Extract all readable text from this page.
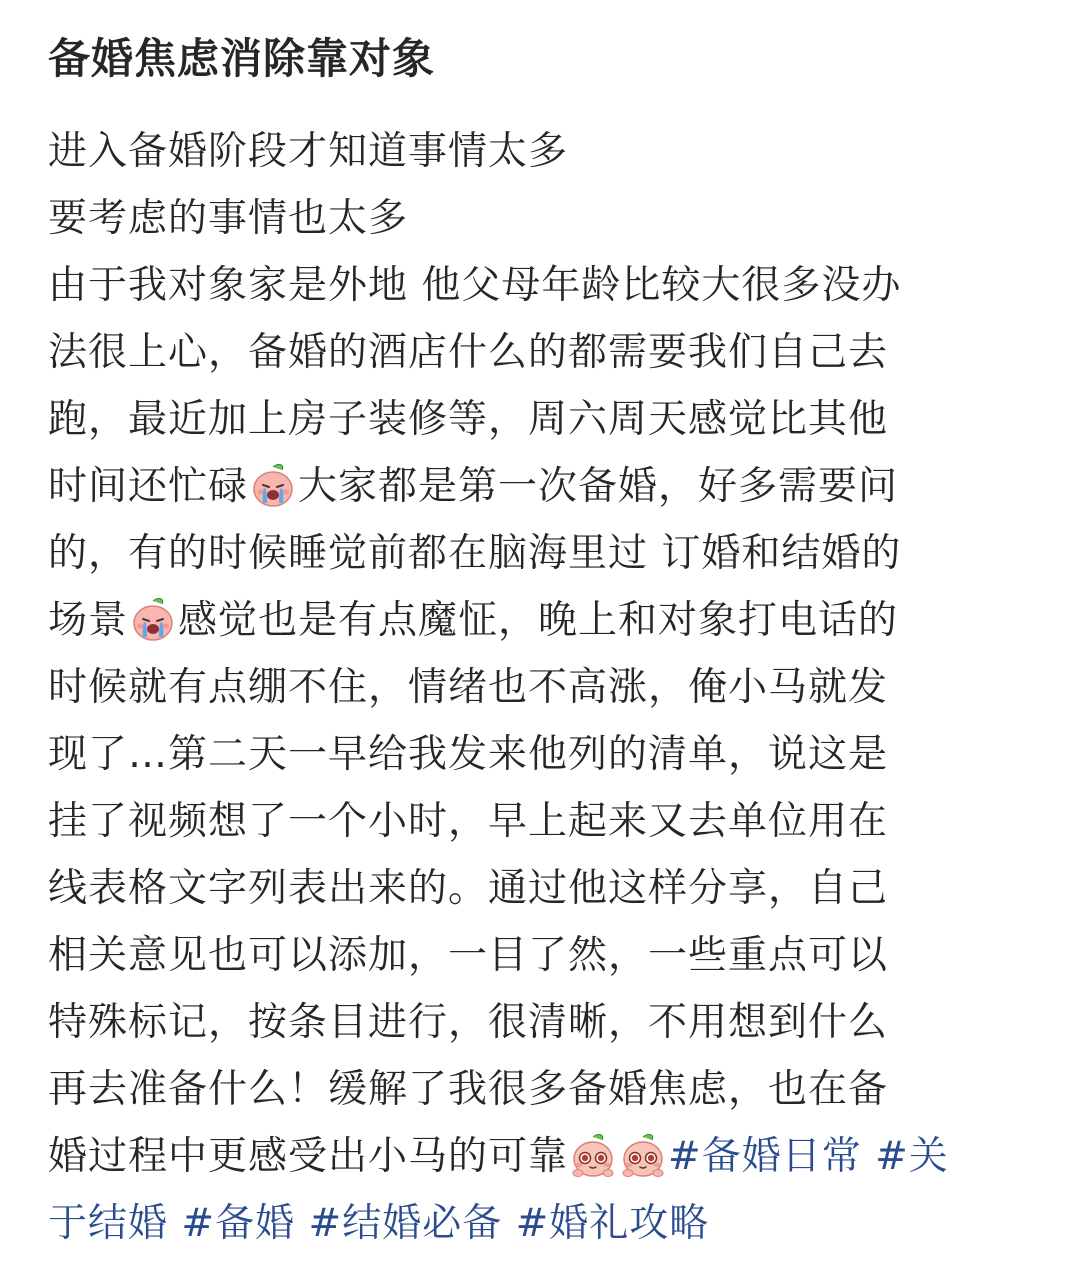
备婚焦虑消除靠对象
进入备婚阶段才知道事情太多
要考虑的事情也太多
由于我对象家是外地 他父母年龄比较大很多没办
法很上心，备婚的酒店什么的都需要我们自己去
跑，最近加上房子装修等，周六周天感觉比其他
时间还忙碌 大家都是第一次备婚，好多需要问
的，有的时候睡觉前都在脑海里过 订婚和结婚的
场景 感觉也是有点魔怔，晚上和对象打电话的
时候就有点绷不住，情绪也不高涨，俺小马就发
现了…第二天一早给我发来他列的清单，说这是
挂了视频想了一个小时，早上起来又去单位用在
线表格文字列表出来的。通过他这样分享，自己
相关意见也可以添加，一目了然，一些重点可以
特殊标记，按条目进行，很清晰，不用想到什么
再去准备什么！缓解了我很多备婚焦虑，也在备
婚过程中更感受出小马的可靠	#备婚日常 #关
于结婚 #备婚 #结婚必备 #婚礼攻略
